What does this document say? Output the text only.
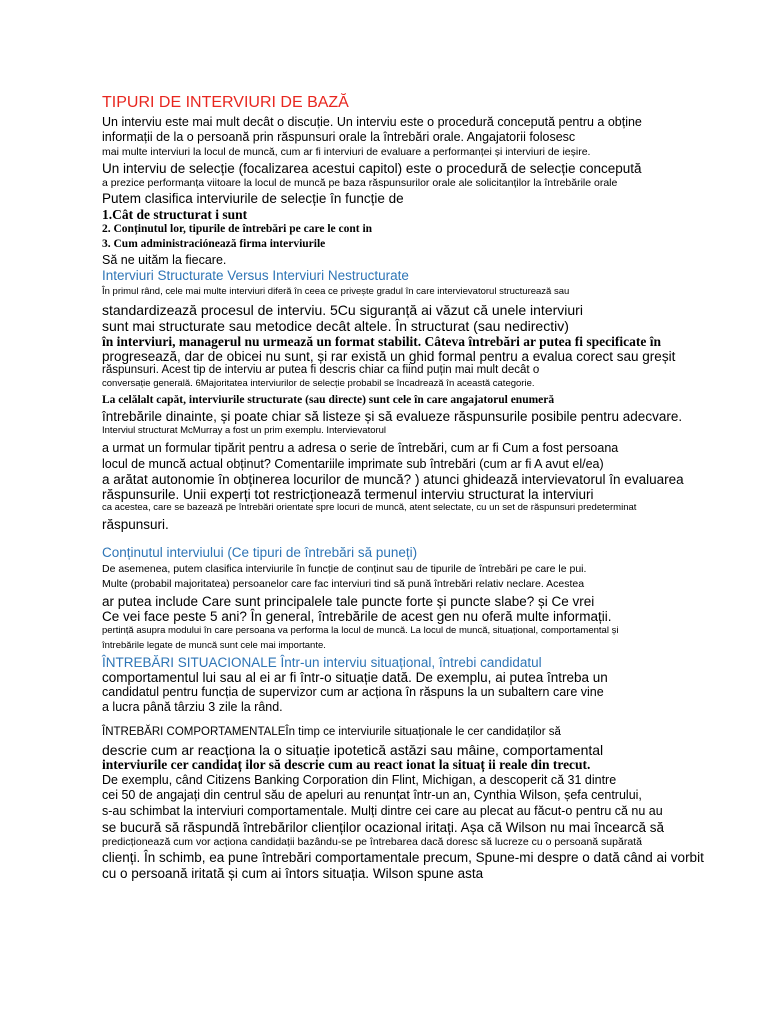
TIPURI DE INTERVIURI DE BAZĂ
Un interviu este mai mult decât o discuție. Un interviu este o procedură concepută pentru a obține
informații de la o persoană prin răspunsuri orale la întrebări orale. Angajatorii folosesc
mai multe interviuri la locul de muncă, cum ar fi interviuri de evaluare a performanței și interviuri de ieșire.
Un interviu de selecție (focalizarea acestui capitol) este o procedură de selecție concepută
a prezice performanța viitoare la locul de muncă pe baza răspunsurilor orale ale solicitanților la întrebările orale
Putem clasifica interviurile de selecție în funcție de
1.Cât de structurat i sunt
2. Conținutul lor, tipurile de întrebări pe care le cont in
3. Cum administraciónează firma interviurile
Să ne uităm la fiecare.
Interviuri Structurate Versus Interviuri Nestructurate
În primul rând, cele mai multe interviuri diferă în ceea ce privește gradul în care intervievatorul structurează sau
standardizează procesul de interviu. 5Cu siguranță ai văzut că unele interviuri
sunt mai structurate sau metodice decât altele. În structurat (sau nedirectiv)
în interviuri, managerul nu urmează un format stabilit. Câteva întrebări ar putea fi specificate în
progresează, dar de obicei nu sunt, și rar există un ghid formal pentru a evalua corect sau greșit
răspunsuri. Acest tip de interviu ar putea fi descris chiar ca fiind puțin mai mult decât o
conversație generală. 6Majoritatea interviurilor de selecție probabil se încadrează în această categorie.
La celălalt capăt, interviurile structurate (sau directe) sunt cele în care angajatorul enumeră
întrebările dinainte, și poate chiar să listeze și să evalueze răspunsurile posibile pentru adecvare.
Interviul structurat McMurray a fost un prim exemplu. Intervievatorul
a urmat un formular tipărit pentru a adresa o serie de întrebări, cum ar fi Cum a fost persoana
locul de muncă actual obținut? Comentariile imprimate sub întrebări (cum ar fi A avut el/ea)
a arătat autonomie în obținerea locurilor de muncă? ) atunci ghidează intervievatorul în evaluarea
răspunsurile. Unii experți tot restricționează termenul interviu structurat la interviuri
ca acestea, care se bazează pe întrebări orientate spre locuri de muncă, atent selectate, cu un set de răspunsuri predeterminat
răspunsuri.
Conținutul interviului (Ce tipuri de întrebări să puneți)
De asemenea, putem clasifica interviurile în funcție de conținut sau de tipurile de întrebări pe care le pui.
Multe (probabil majoritatea) persoanelor care fac interviuri tind să pună întrebări relativ neclare. Acestea
ar putea include Care sunt principalele tale puncte forte și puncte slabe? și Ce vrei
Ce vei face peste 5 ani? În general, întrebările de acest gen nu oferă multe informații.
pertință asupra modului în care persoana va performa la locul de muncă. La locul de muncă, situațional, comportamental și
întrebările legate de muncă sunt cele mai importante.
ÎNTREBĂRI SITUACIONALE Într-un interviu situațional, întrebi candidatul
comportamentul lui sau al ei ar fi într-o situație dată. De exemplu, ai putea întreba un
candidatul pentru funcția de supervizor cum ar acționa în răspuns la un subaltern care vine
a lucra până târziu 3 zile la rând.
ÎNTREBĂRI COMPORTAMENTALEÎn timp ce interviurile situaționale le cer candidaților să
descrie cum ar reacționa la o situație ipotetică astăzi sau mâine, comportamental
interviurile cer candidaț ilor să descrie cum au react ionat la situaț ii reale din trecut.
De exemplu, când Citizens Banking Corporation din Flint, Michigan, a descoperit că 31 dintre
cei 50 de angajați din centrul său de apeluri au renunțat într-un an, Cynthia Wilson, șefa centrului,
s-au schimbat la interviuri comportamentale. Mulți dintre cei care au plecat au făcut-o pentru că nu au
se bucură să răspundă întrebărilor clienților ocazional iritați. Așa că Wilson nu mai încearcă să
predicționează cum vor acționa candidații bazându-se pe întrebarea dacă doresc să lucreze cu o persoană supărată
clienți. În schimb, ea pune întrebări comportamentale precum, Spune-mi despre o dată când ai vorbit
cu o persoană iritată și cum ai întors situația. Wilson spune asta
